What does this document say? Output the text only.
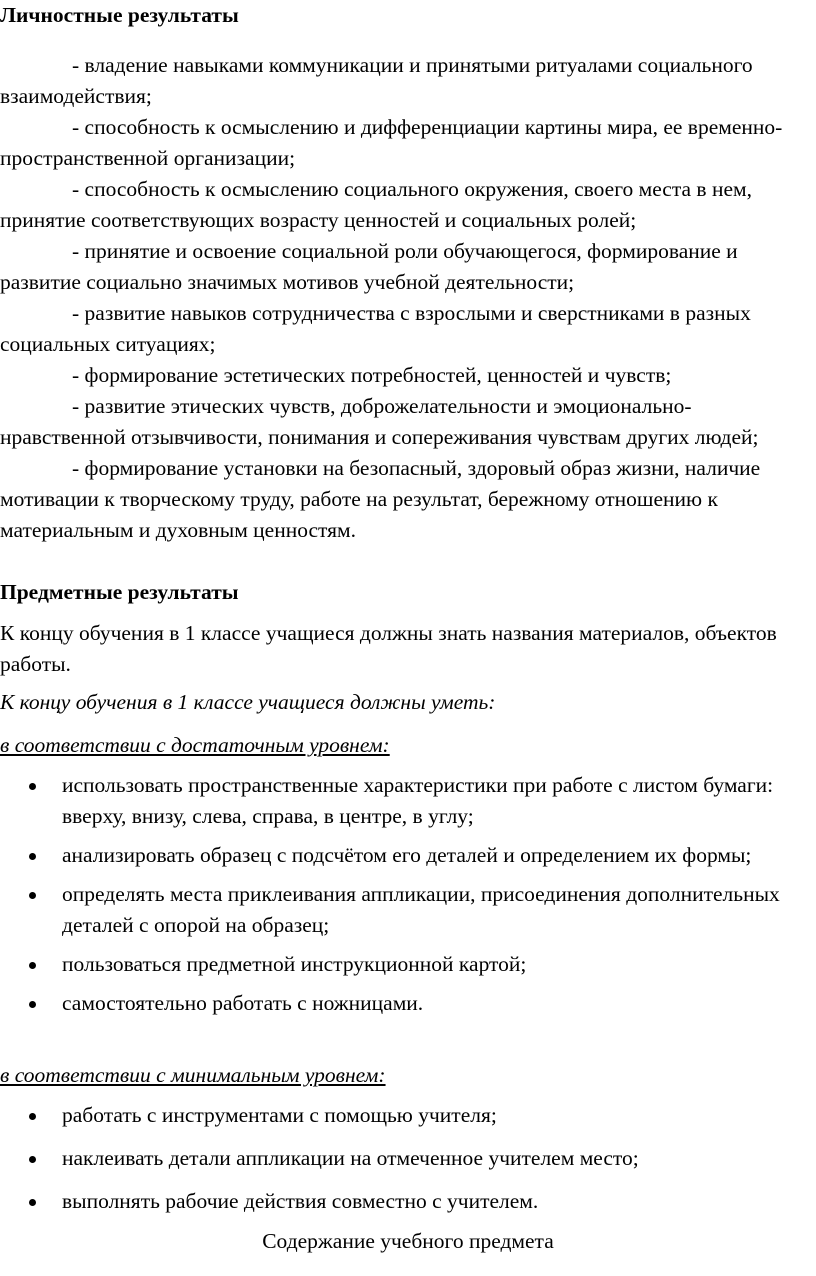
Личностные результаты

- владение навыками коммуникации и принятыми ритуалами социального взаимодействия;

- способность к осмыслению и дифференциации картины мира, ее временно-пространственной организации;

- способность к осмыслению социального окружения, своего места в нем, принятие соответствующих возрасту ценностей и социальных ролей;

- принятие и освоение социальной роли обучающегося, формирование и развитие социально значимых мотивов учебной деятельности;

- развитие навыков сотрудничества с взрослыми и сверстниками в разных социальных ситуациях;

- формирование эстетических потребностей, ценностей и чувств;

- развитие этических чувств, доброжелательности и эмоционально-нравственной отзывчивости, понимания и сопереживания чувствам других людей;

- формирование установки на безопасный, здоровый образ жизни, наличие мотивации к творческому труду, работе на результат, бережному отношению к материальным и духовным ценностям.

Предметные результаты

К концу обучения в 1 классе учащиеся должны знать названия материалов, объектов работы.

К концу обучения в 1 классе учащиеся должны уметь:

в соответствии с достаточным уровнем:

использовать пространственные характеристики при работе с листом бумаги: вверху, внизу, слева, справа, в центре, в углу;
анализировать образец с подсчётом его деталей и определением их формы;
определять места приклеивания аппликации, присоединения дополнительных деталей с опорой на образец;
пользоваться предметной инструкционной картой;
самостоятельно работать с ножницами.

в соответствии с минимальным уровнем:

работать с инструментами с помощью учителя;
наклеивать детали аппликации на отмеченное учителем место;
выполнять рабочие действия совместно с учителем.

Содержание учебного предмета
